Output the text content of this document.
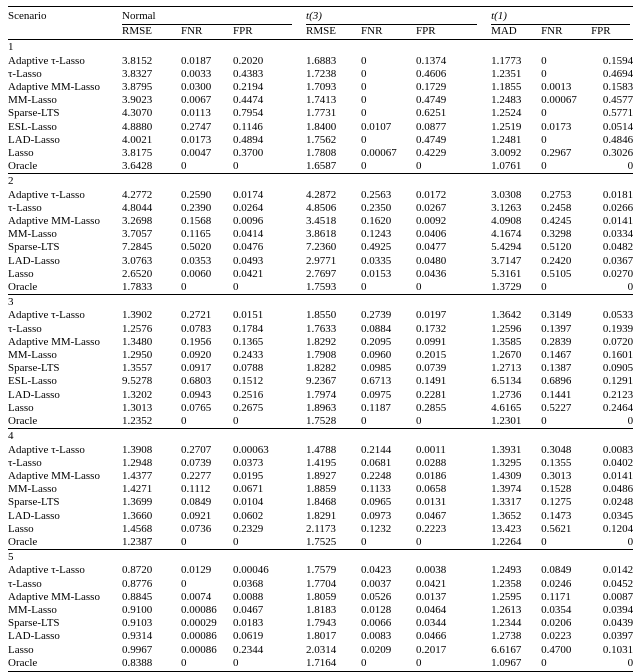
Scenario	Normal			t(3)			t(1)		

	RMSE	FNR	FPR	RMSE	FNR	FPR	MAD	FNR	FPR
1									
Adaptive τ-Lasso	3.8152	0.0187	0.2020	1.6883	0	0.1374	1.1773	0	0.1594
τ-Lasso	3.8327	0.0033	0.4383	1.7238	0	0.4606	1.2351	0	0.4694
Adaptive MM-Lasso	3.8795	0.0300	0.2194	1.7093	0	0.1729	1.1855	0.0013	0.1583
MM-Lasso	3.9023	0.0067	0.4474	1.7413	0	0.4749	1.2483	0.00067	0.4577
Sparse-LTS	4.3070	0.0113	0.7954	1.7731	0	0.6251	1.2524	0	0.5771
ESL-Lasso	4.8880	0.2747	0.1146	1.8400	0.0107	0.0877	1.2519	0.0173	0.0514
LAD-Lasso	4.0021	0.0173	0.4894	1.7562	0	0.4749	1.2481	0	0.4846
Lasso	3.8175	0.0047	0.3700	1.7808	0.00067	0.4229	3.0092	0.2967	0.3026
Oracle	3.6428	0	0	1.6587	0	0	1.0761	0	0
2									
Adaptive τ-Lasso	4.2772	0.2590	0.0174	4.2872	0.2563	0.0172	3.0308	0.2753	0.0181
τ-Lasso	4.8044	0.2390	0.0264	4.8506	0.2350	0.0267	3.1263	0.2458	0.0266
Adaptive MM-Lasso	3.2698	0.1568	0.0096	3.4518	0.1620	0.0092	4.0908	0.4245	0.0141
MM-Lasso	3.7057	0.1165	0.0414	3.8618	0.1243	0.0406	4.1674	0.3298	0.0334
Sparse-LTS	7.2845	0.5020	0.0476	7.2360	0.4925	0.0477	5.4294	0.5120	0.0482
LAD-Lasso	3.0763	0.0353	0.0493	2.9771	0.0335	0.0480	3.7147	0.2420	0.0367
Lasso	2.6520	0.0060	0.0421	2.7697	0.0153	0.0436	5.3161	0.5105	0.0270
Oracle	1.7833	0	0	1.7593	0	0	1.3729	0	0
3									
Adaptive τ-Lasso	1.3902	0.2721	0.0151	1.8550	0.2739	0.0197	1.3642	0.3149	0.0533
τ-Lasso	1.2576	0.0783	0.1784	1.7633	0.0884	0.1732	1.2596	0.1397	0.1939
Adaptive MM-Lasso	1.3480	0.1956	0.1365	1.8292	0.2095	0.0991	1.3585	0.2839	0.0720
MM-Lasso	1.2950	0.0920	0.2433	1.7908	0.0960	0.2015	1.2670	0.1467	0.1601
Sparse-LTS	1.3557	0.0917	0.0788	1.8282	0.0985	0.0739	1.2713	0.1387	0.0905
ESL-Lasso	9.5278	0.6803	0.1512	9.2367	0.6713	0.1491	6.5134	0.6896	0.1291
LAD-Lasso	1.3202	0.0943	0.2516	1.7974	0.0975	0.2281	1.2736	0.1441	0.2123
Lasso	1.3013	0.0765	0.2675	1.8963	0.1187	0.2855	4.6165	0.5227	0.2464
Oracle	1.2352	0	0	1.7528	0	0	1.2301	0	0
4									
Adaptive τ-Lasso	1.3908	0.2707	0.00063	1.4788	0.2144	0.0011	1.3931	0.3048	0.0083
τ-Lasso	1.2948	0.0739	0.0373	1.4195	0.0681	0.0288	1.3295	0.1355	0.0402
Adaptive MM-Lasso	1.4377	0.2277	0.0195	1.8927	0.2248	0.0186	1.4309	0.3013	0.0141
MM-Lasso	1.4271	0.1112	0.0671	1.8859	0.1133	0.0658	1.3974	0.1528	0.0486
Sparse-LTS	1.3699	0.0849	0.0104	1.8468	0.0965	0.0131	1.3317	0.1275	0.0248
LAD-Lasso	1.3660	0.0921	0.0602	1.8291	0.0973	0.0467	1.3652	0.1473	0.0345
Lasso	1.4568	0.0736	0.2329	2.1173	0.1232	0.2223	13.423	0.5621	0.1204
Oracle	1.2387	0	0	1.7525	0	0	1.2264	0	0
5									
Adaptive τ-Lasso	0.8720	0.0129	0.00046	1.7579	0.0423	0.0038	1.2493	0.0849	0.0142
τ-Lasso	0.8776	0	0.0368	1.7704	0.0037	0.0421	1.2358	0.0246	0.0452
Adaptive MM-Lasso	0.8845	0.0074	0.0088	1.8059	0.0526	0.0137	1.2595	0.1171	0.0087
MM-Lasso	0.9100	0.00086	0.0467	1.8183	0.0128	0.0464	1.2613	0.0354	0.0394
Sparse-LTS	0.9103	0.00029	0.0183	1.7943	0.0066	0.0344	1.2344	0.0206	0.0439
LAD-Lasso	0.9314	0.00086	0.0619	1.8017	0.0083	0.0466	1.2738	0.0223	0.0397
Lasso	0.9967	0.00086	0.2344	2.0314	0.0209	0.2017	6.6167	0.4700	0.1031
Oracle	0.8388	0	0	1.7164	0	0	1.0967	0	0
